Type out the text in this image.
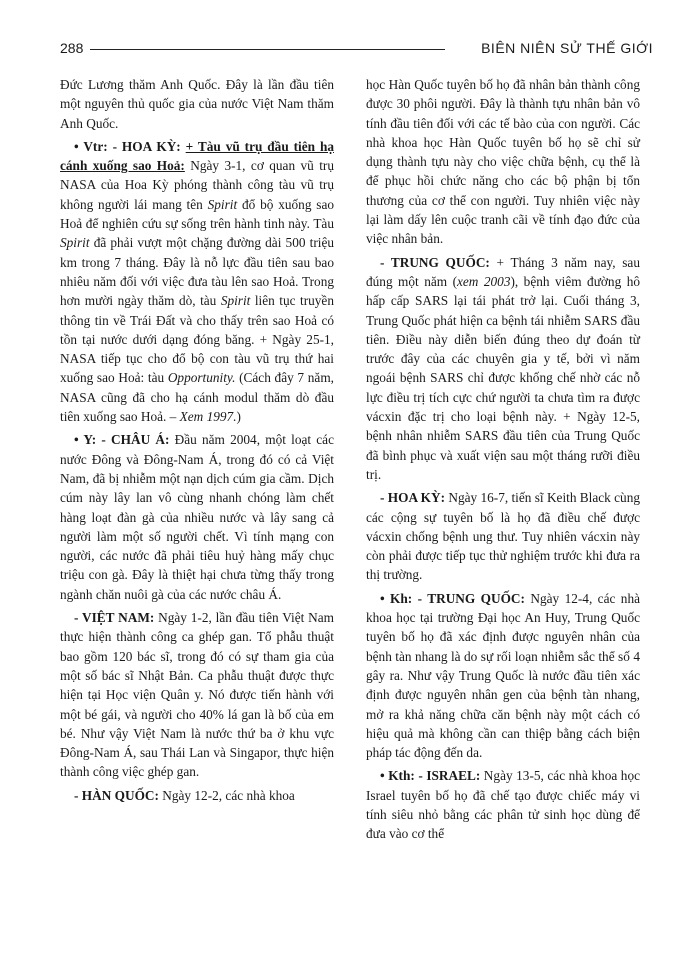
288	BIÊN NIÊN SỬ THẾ GIỚI

Đức Lương thăm Anh Quốc. Đây là lần đầu tiên một nguyên thủ quốc gia của nước Việt Nam thăm Anh Quốc.

• Vtr: - HOA KỲ: + Tàu vũ trụ đầu tiên hạ cánh xuống sao Hoả: Ngày 3-1, cơ quan vũ trụ NASA của Hoa Kỳ phóng thành công tàu vũ trụ không người lái mang tên Spirit đổ bộ xuống sao Hoả để nghiên cứu sự sống trên hành tinh này. Tàu Spirit đã phải vượt một chặng đường dài 500 triệu km trong 7 tháng. Đây là nỗ lực đầu tiên sau bao nhiêu năm đối với việc đưa tàu lên sao Hoả. Trong hơn mười ngày thăm dò, tàu Spirit liên tục truyền thông tin về Trái Đất và cho thấy trên sao Hoả có tồn tại nước dưới dạng đóng băng. + Ngày 25-1, NASA tiếp tục cho đổ bộ con tàu vũ trụ thứ hai xuống sao Hoả: tàu Opportunity. (Cách đây 7 năm, NASA cũng đã cho hạ cánh modul thăm dò đầu tiên xuống sao Hoả. – Xem 1997.)

• Y: - CHÂU Á: Đầu năm 2004, một loạt các nước Đông và Đông-Nam Á, trong đó có cả Việt Nam, đã bị nhiễm một nạn dịch cúm gia cầm. Dịch cúm này lây lan vô cùng nhanh chóng làm chết hàng loạt đàn gà của nhiều nước và lây sang cả người làm một số người chết. Vì tính mạng con người, các nước đã phải tiêu huỷ hàng mấy chục triệu con gà. Đây là thiệt hại chưa từng thấy trong ngành chăn nuôi gà của các nước châu Á.

- VIỆT NAM: Ngày 1-2, lần đầu tiên Việt Nam thực hiện thành công ca ghép gan. Tổ phẫu thuật bao gồm 120 bác sĩ, trong đó có sự tham gia của một số bác sĩ Nhật Bản. Ca phẫu thuật được thực hiện tại Học viện Quân y. Nó được tiến hành với một bé gái, và người cho 40% lá gan là bố của em bé. Như vậy Việt Nam là nước thứ ba ở khu vực Đông-Nam Á, sau Thái Lan và Singapor, thực hiện thành công việc ghép gan.

- HÀN QUỐC: Ngày 12-2, các nhà khoa

học Hàn Quốc tuyên bố họ đã nhân bản thành công được 30 phôi người. Đây là thành tựu nhân bản vô tính đầu tiên đối với các tế bào của con người. Các nhà khoa học Hàn Quốc tuyên bố họ sẽ chỉ sử dụng thành tựu này cho việc chữa bệnh, cụ thể là để phục hồi chức năng cho các bộ phận bị tổn thương của cơ thể con người. Tuy nhiên việc này lại làm dấy lên cuộc tranh cãi về tính đạo đức của việc nhân bản.

- TRUNG QUỐC: + Tháng 3 năm nay, sau đúng một năm (xem 2003), bệnh viêm đường hô hấp cấp SARS lại tái phát trở lại. Cuối tháng 3, Trung Quốc phát hiện ca bệnh tái nhiễm SARS đầu tiên. Điều này diễn biến đúng theo dự đoán từ trước đây của các chuyên gia y tế, bởi vì năm ngoái bệnh SARS chỉ được khống chế nhờ các nỗ lực điều trị tích cực chứ người ta chưa tìm ra được vácxin đặc trị cho loại bệnh này. + Ngày 12-5, bệnh nhân nhiễm SARS đầu tiên của Trung Quốc đã bình phục và xuất viện sau một tháng rưỡi điều trị.

- HOA KỲ: Ngày 16-7, tiến sĩ Keith Black cùng các cộng sự tuyên bố là họ đã điều chế được vácxin chống bệnh ung thư. Tuy nhiên vácxin này còn phải được tiếp tục thử nghiệm trước khi đưa ra thị trường.

• Kh: - TRUNG QUỐC: Ngày 12-4, các nhà khoa học tại trường Đại học An Huy, Trung Quốc tuyên bố họ đã xác định được nguyên nhân của bệnh tàn nhang là do sự rối loạn nhiễm sắc thể số 4 gây ra. Như vậy Trung Quốc là nước đầu tiên xác định được nguyên nhân gen của bệnh tàn nhang, mở ra khả năng chữa căn bệnh này một cách có hiệu quả mà không cần can thiệp bằng cách biện pháp tác động đến da.

• Kth: - ISRAEL: Ngày 13-5, các nhà khoa học Israel tuyên bố họ đã chế tạo được chiếc máy vi tính siêu nhỏ bằng các phân tử sinh học dùng để đưa vào cơ thể
